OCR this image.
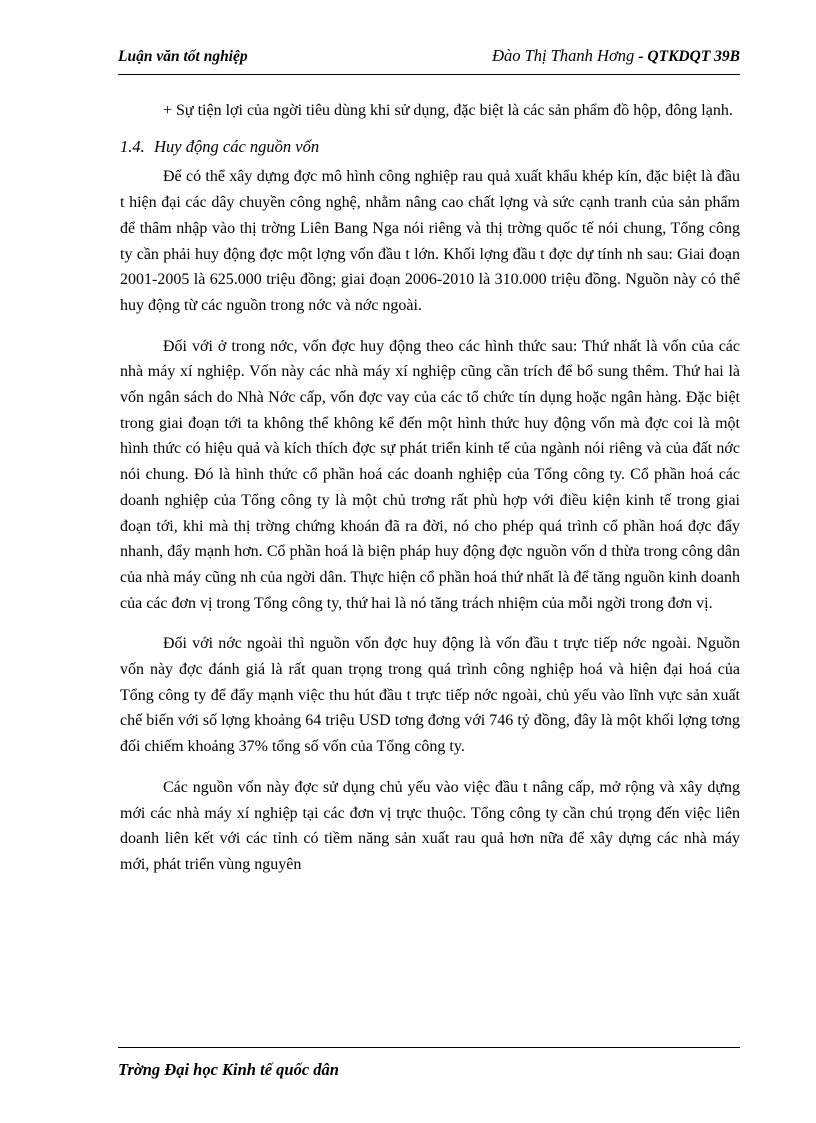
Luận văn tốt nghiệp	Đào Thị Thanh Hơng - QTKDQT 39B

+ Sự tiện lợi của ngời tiêu dùng khi sử dụng, đặc biệt là các sản phẩm đồ hộp, đông lạnh.

1.4. Huy động các nguồn vốn

Để có thể xây dựng đợc mô hình công nghiệp rau quả xuất khẩu khép kín, đặc biệt là đầu t hiện đại các dây chuyền công nghệ, nhằm nâng cao chất lợng và sức cạnh tranh của sản phẩm để thâm nhập vào thị trờng Liên Bang Nga nói riêng và thị trờng quốc tế nói chung, Tổng công ty cần phải huy động đợc một lợng vốn đầu t lớn. Khối lợng đầu t đợc dự tính nh sau: Giai đoạn 2001-2005 là 625.000 triệu đồng; giai đoạn 2006-2010 là 310.000 triệu đồng. Nguồn này có thể huy động từ các nguồn trong nớc và nớc ngoài.

Đối với ở trong nớc, vốn đợc huy động theo các hình thức sau: Thứ nhất là vốn của các nhà máy xí nghiệp. Vốn này các nhà máy xí nghiệp cũng cần trích để bổ sung thêm. Thứ hai là vốn ngân sách do Nhà Nớc cấp, vốn đợc vay của các tổ chức tín dụng hoặc ngân hàng. Đặc biệt trong giai đoạn tới ta không thể không kể đến một hình thức huy động vốn mà đợc coi là một hình thức có hiệu quả và kích thích đợc sự phát triển kinh tế của ngành nói riêng và của đất nớc nói chung. Đó là hình thức cổ phần hoá các doanh nghiệp của Tổng công ty. Cổ phần hoá các doanh nghiệp của Tổng công ty là một chủ trơng rất phù hợp với điều kiện kinh tế trong giai đoạn tới, khi mà thị trờng chứng khoán đã ra đời, nó cho phép quá trình cổ phần hoá đợc đẩy nhanh, đẩy mạnh hơn. Cổ phần hoá là biện pháp huy động đợc nguồn vốn d thừa trong công dân của nhà máy cũng nh của ngời dân. Thực hiện cổ phần hoá thứ nhất là để tăng nguồn kinh doanh của các đơn vị trong Tổng công ty, thứ hai là nó tăng trách nhiệm của mỗi ngời trong đơn vị.

Đối với nớc ngoài thì nguồn vốn đợc huy động là vốn đầu t trực tiếp nớc ngoài. Nguồn vốn này đợc đánh giá là rất quan trọng trong quá trình công nghiệp hoá và hiện đại hoá của Tổng công ty để đẩy mạnh việc thu hút đầu t trực tiếp nớc ngoài, chủ yếu vào lĩnh vực sản xuất chế biến với số lợng khoảng 64 triệu USD tơng đơng với 746 tỷ đồng, đây là một khối lợng tơng đối chiếm khoảng 37% tổng số vốn của Tổng công ty.

Các nguồn vốn này đợc sử dụng chủ yếu vào việc đầu t nâng cấp, mở rộng và xây dựng mới các nhà máy xí nghiệp tại các đơn vị trực thuộc. Tổng công ty cần chú trọng đến việc liên doanh liên kết với các tỉnh có tiềm năng sản xuất rau quả hơn nữa để xây dựng các nhà máy mới, phát triển vùng nguyên

Trờng Đại học Kinh tế quốc dân
